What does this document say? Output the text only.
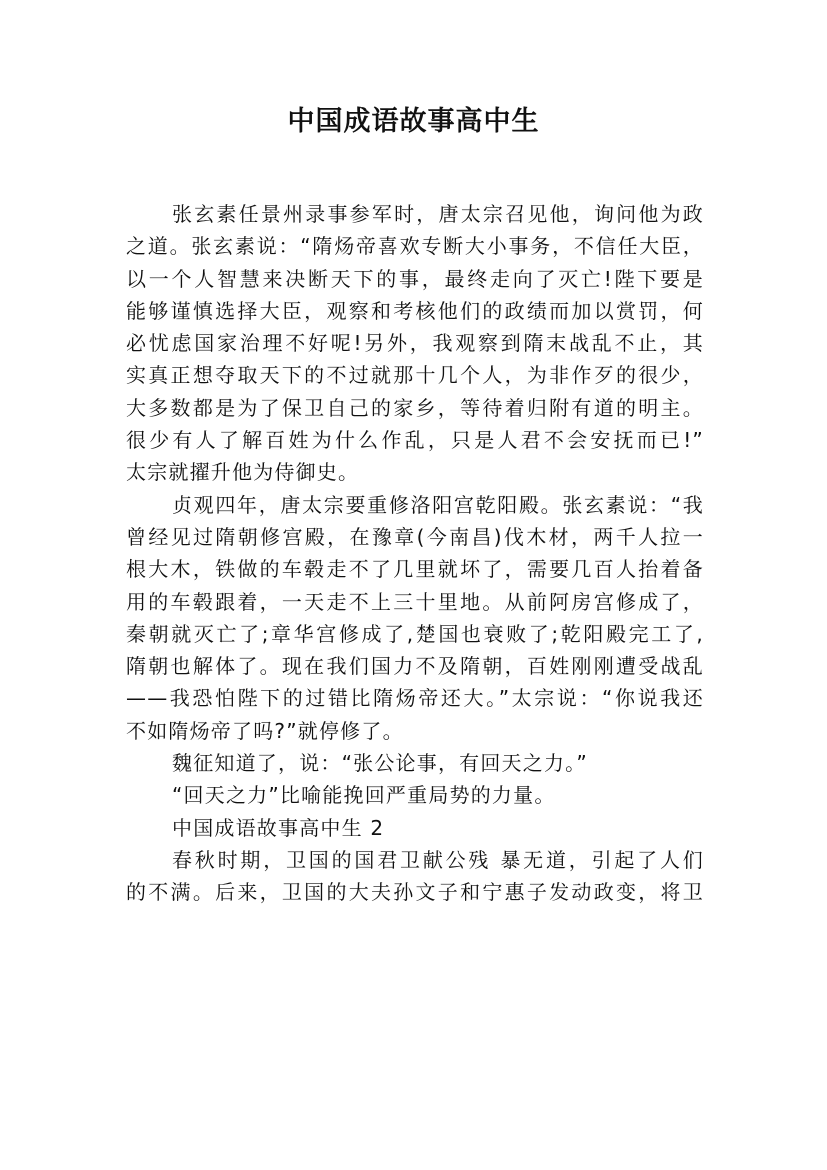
中国成语故事高中生
张玄素任景州录事参军时，唐太宗召见他，询问他为政
之道。张玄素说：“隋炀帝喜欢专断大小事务，不信任大臣，
以一个人智慧来决断天下的事，最终走向了灭亡!陛下要是
能够谨慎选择大臣，观察和考核他们的政绩而加以赏罚，何
必忧虑国家治理不好呢!另外，我观察到隋末战乱不止，其
实真正想夺取天下的不过就那十几个人，为非作歹的很少，
大多数都是为了保卫自己的家乡，等待着归附有道的明主。
很少有人了解百姓为什么作乱，只是人君不会安抚而已!”
太宗就擢升他为侍御史。
贞观四年，唐太宗要重修洛阳宫乾阳殿。张玄素说：“我
曾经见过隋朝修宫殿，在豫章(今南昌)伐木材，两千人拉一
根大木，铁做的车毂走不了几里就坏了，需要几百人抬着备
用的车毂跟着，一天走不上三十里地。从前阿房宫修成了，
秦朝就灭亡了;章华宫修成了,楚国也衰败了;乾阳殿完工了,
隋朝也解体了。现在我们国力不及隋朝，百姓刚刚遭受战乱
——我恐怕陛下的过错比隋炀帝还大。”太宗说：“你说我还
不如隋炀帝了吗?”就停修了。
魏征知道了，说：“张公论事，有回天之力。”
“回天之力”比喻能挽回严重局势的力量。
中国成语故事高中生 2
春秋时期，卫国的国君卫献公残 暴无道，引起了人们
的不满。后来，卫国的大夫孙文子和宁惠子发动政变，将卫
